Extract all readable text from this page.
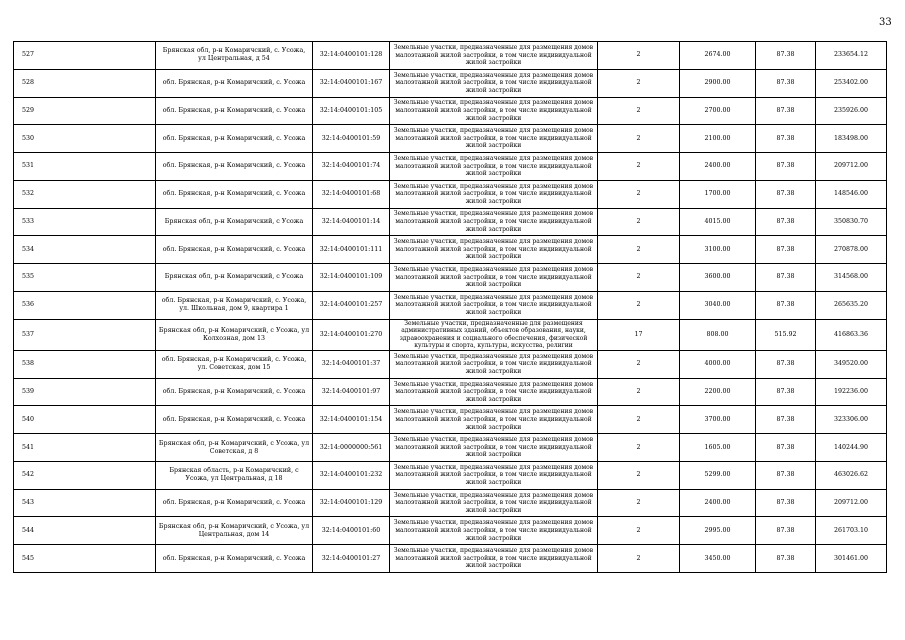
33
527	Брянская обл, р-н Комаричский, с. Усожа, ул Центральная, д 54	32:14:0400101:128	Земельные участки, предназначенные для размещения домов малоэтажной жилой застройки, в том числе индивидуальной жилой застройки	2	2674.00	87.38	233654.12
528	обл. Брянская, р-н Комаричский, с. Усожа	32:14:0400101:167	Земельные участки, предназначенные для размещения домов малоэтажной жилой застройки, в том числе индивидуальной жилой застройки	2	2900.00	87.38	253402.00
529	обл. Брянская, р-н Комаричский, с. Усожа	32:14:0400101:105	Земельные участки, предназначенные для размещения домов малоэтажной жилой застройки, в том числе индивидуальной жилой застройки	2	2700.00	87.38	235926.00
530	обл. Брянская, р-н Комаричский, с. Усожа	32:14:0400101:59	Земельные участки, предназначенные для размещения домов малоэтажной жилой застройки, в том числе индивидуальной жилой застройки	2	2100.00	87.38	183498.00
531	обл. Брянская, р-н Комаричский, с. Усожа	32:14:0400101:74	Земельные участки, предназначенные для размещения домов малоэтажной жилой застройки, в том числе индивидуальной жилой застройки	2	2400.00	87.38	209712.00
532	обл. Брянская, р-н Комаричский, с. Усожа	32:14:0400101:68	Земельные участки, предназначенные для размещения домов малоэтажной жилой застройки, в том числе индивидуальной жилой застройки	2	1700.00	87.38	148546.00
533	Брянская обл, р-н Комаричский, с Усожа	32:14:0400101:14	Земельные участки, предназначенные для размещения домов малоэтажной жилой застройки, в том числе индивидуальной жилой застройки	2	4015.00	87.38	350830.70
534	обл. Брянская, р-н Комаричский, с. Усожа	32:14:0400101:111	Земельные участки, предназначенные для размещения домов малоэтажной жилой застройки, в том числе индивидуальной жилой застройки	2	3100.00	87.38	270878.00
535	Брянская обл, р-н Комаричский, с Усожа	32:14:0400101:109	Земельные участки, предназначенные для размещения домов малоэтажной жилой застройки, в том числе индивидуальной жилой застройки	2	3600.00	87.38	314568.00
536	обл. Брянская, р-н Комаричский, с. Усожа, ул. Школьная, дом 9, квартира 1	32:14:0400101:257	Земельные участки, предназначенные для размещения домов малоэтажной жилой застройки, в том числе индивидуальной жилой застройки	2	3040.00	87.38	265635.20
537	Брянская обл, р-н Комаричский, с Усожа, ул Колхозная, дом 13	32:14:0400101:270	Земельные участки, предназначенные для размещения административных зданий, объектов образования, науки, здравоохранения и социального обеспечения, физической культуры и спорта, культуры, искусства, религии	17	808.00	515.92	416863.36
538	обл. Брянская, р-н Комаричский, с. Усожа, ул. Советская, дом 15	32:14:0400101:37	Земельные участки, предназначенные для размещения домов малоэтажной жилой застройки, в том числе индивидуальной жилой застройки	2	4000.00	87.38	349520.00
539	обл. Брянская, р-н Комаричский, с. Усожа	32:14:0400101:97	Земельные участки, предназначенные для размещения домов малоэтажной жилой застройки, в том числе индивидуальной жилой застройки	2	2200.00	87.38	192236.00
540	обл. Брянская, р-н Комаричский, с. Усожа	32:14:0400101:154	Земельные участки, предназначенные для размещения домов малоэтажной жилой застройки, в том числе индивидуальной жилой застройки	2	3700.00	87.38	323306.00
541	Брянская обл, р-н Комаричский, с Усожа, ул Советская, д 8	32:14:0000000:561	Земельные участки, предназначенные для размещения домов малоэтажной жилой застройки, в том числе индивидуальной жилой застройки	2	1605.00	87.38	140244.90
542	Брянская область, р-н Комаричский, с Усожа, ул Центральная, д 18	32:14:0400101:232	Земельные участки, предназначенные для размещения домов малоэтажной жилой застройки, в том числе индивидуальной жилой застройки	2	5299.00	87.38	463026.62
543	обл. Брянская, р-н Комаричский, с. Усожа	32:14:0400101:129	Земельные участки, предназначенные для размещения домов малоэтажной жилой застройки, в том числе индивидуальной жилой застройки	2	2400.00	87.38	209712.00
544	Брянская обл, р-н Комаричский, с Усожа, ул Центральная, дом 14	32:14:0400101:60	Земельные участки, предназначенные для размещения домов малоэтажной жилой застройки, в том числе индивидуальной жилой застройки	2	2995.00	87.38	261703.10
545	обл. Брянская, р-н Комаричский, с. Усожа	32:14:0400101:27	Земельные участки, предназначенные для размещения домов малоэтажной жилой застройки, в том числе индивидуальной жилой застройки	2	3450.00	87.38	301461.00
